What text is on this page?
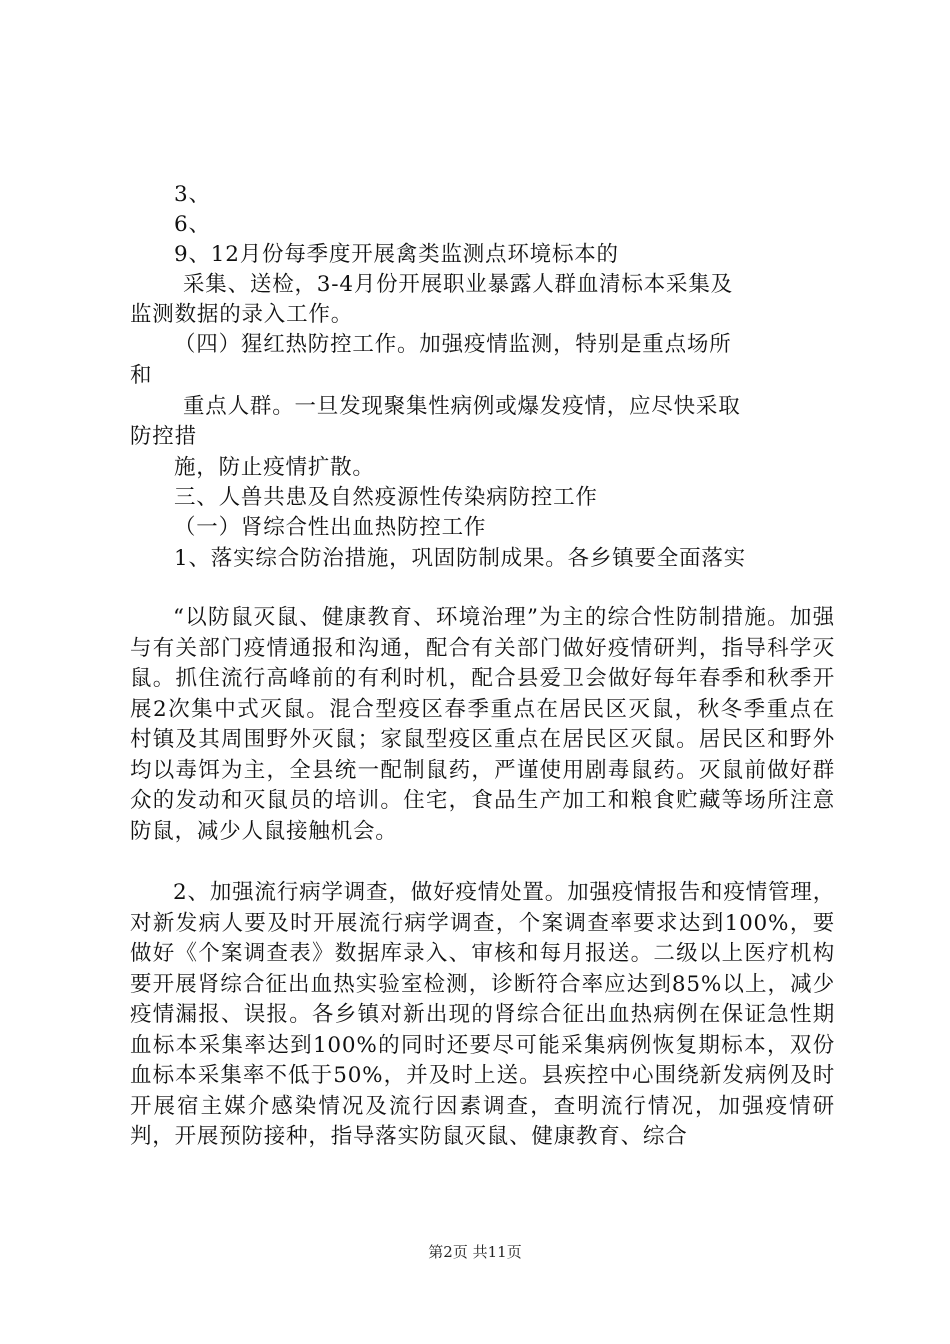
3、
6、
9、12月份每季度开展禽类监测点环境标本的
采集、送检，3-4月份开展职业暴露人群血清标本采集及
监测数据的录入工作。
（四）猩红热防控工作。加强疫情监测，特别是重点场所
和
重点人群。一旦发现聚集性病例或爆发疫情，应尽快采取
防控措
施，防止疫情扩散。
三、人兽共患及自然疫源性传染病防控工作
（一）肾综合性出血热防控工作
1、落实综合防治措施，巩固防制成果。各乡镇要全面落实

“以防鼠灭鼠、健康教育、环境治理”为主的综合性防制措施。加强与有关部门疫情通报和沟通，配合有关部门做好疫情研判，指导科学灭鼠。抓住流行高峰前的有利时机，配合县爱卫会做好每年春季和秋季开展2次集中式灭鼠。混合型疫区春季重点在居民区灭鼠，秋冬季重点在村镇及其周围野外灭鼠；家鼠型疫区重点在居民区灭鼠。居民区和野外均以毒饵为主，全县统一配制鼠药，严谨使用剧毒鼠药。灭鼠前做好群众的发动和灭鼠员的培训。住宅，食品生产加工和粮食贮藏等场所注意防鼠，减少人鼠接触机会。

2、加强流行病学调查，做好疫情处置。加强疫情报告和疫情管理，对新发病人要及时开展流行病学调查，个案调查率要求达到100%，要做好《个案调查表》数据库录入、审核和每月报送。二级以上医疗机构要开展肾综合征出血热实验室检测，诊断符合率应达到85%以上，减少疫情漏报、误报。各乡镇对新出现的肾综合征出血热病例在保证急性期血标本采集率达到100%的同时还要尽可能采集病例恢复期标本，双份血标本采集率不低于50%，并及时上送。县疾控中心围绕新发病例及时开展宿主媒介感染情况及流行因素调查，查明流行情况，加强疫情研判，开展预防接种，指导落实防鼠灭鼠、健康教育、综合

第2页 共11页
